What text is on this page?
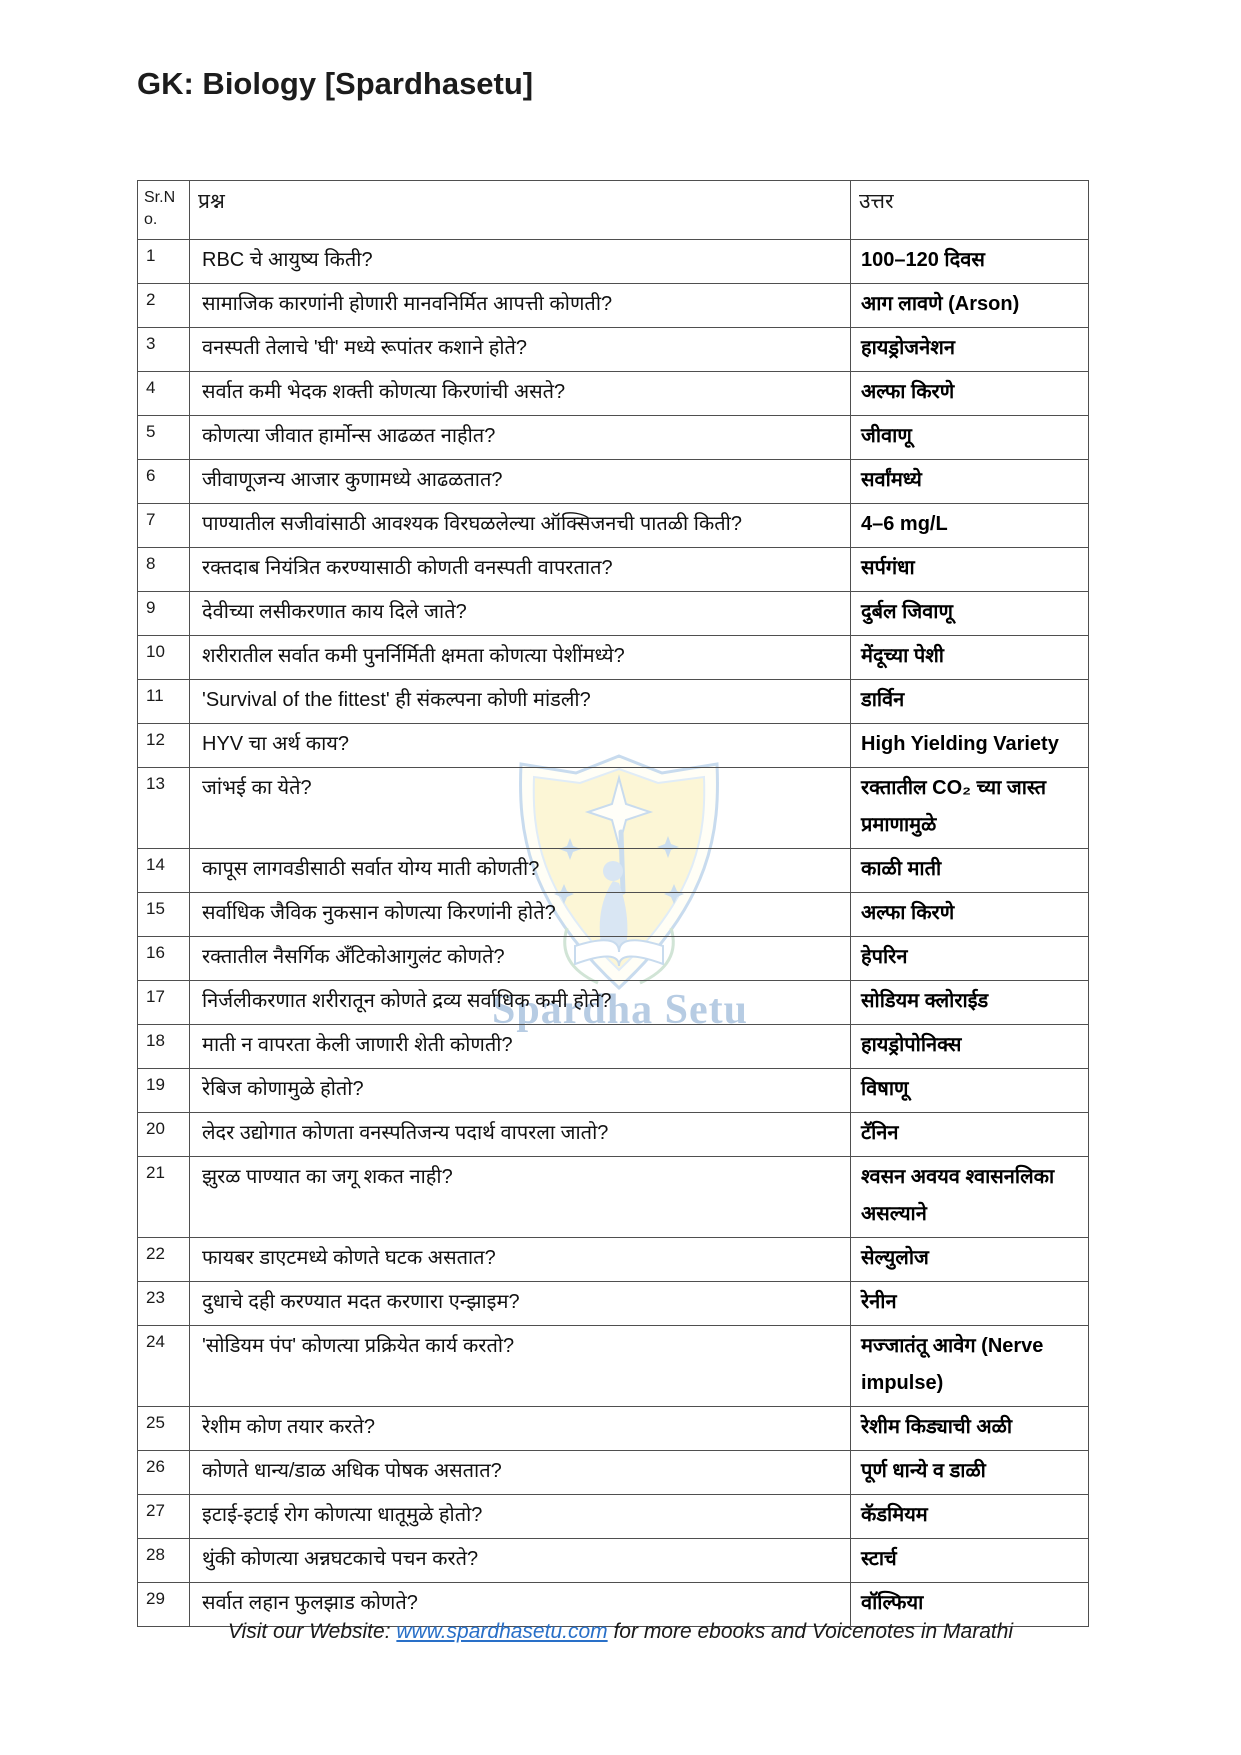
Spardha Setu
GK: Biology [Spardhasetu]
Sr.No.	प्रश्न	उत्तर
1	RBC चे आयुष्य किती?	100–120 दिवस
2	सामाजिक कारणांनी होणारी मानवनिर्मित आपत्ती कोणती?	आग लावणे (Arson)
3	वनस्पती तेलाचे 'घी' मध्ये रूपांतर कशाने होते?	हायड्रोजनेशन
4	सर्वात कमी भेदक शक्ती कोणत्या किरणांची असते?	अल्फा किरणे
5	कोणत्या जीवात हार्मोन्स आढळत नाहीत?	जीवाणू
6	जीवाणूजन्य आजार कुणामध्ये आढळतात?	सर्वांमध्ये
7	पाण्यातील सजीवांसाठी आवश्यक विरघळलेल्या ऑक्सिजनची पातळी किती?	4–6 mg/L
8	रक्तदाब नियंत्रित करण्यासाठी कोणती वनस्पती वापरतात?	सर्पगंधा
9	देवीच्या लसीकरणात काय दिले जाते?	दुर्बल जिवाणू
10	शरीरातील सर्वात कमी पुनर्निर्मिती क्षमता कोणत्या पेशींमध्ये?	मेंदूच्या पेशी
11	'Survival of the fittest' ही संकल्पना कोणी मांडली?	डार्विन
12	HYV चा अर्थ काय?	High Yielding Variety
13	जांभई का येते?	रक्तातील CO₂ च्या जास्त प्रमाणामुळे
14	कापूस लागवडीसाठी सर्वात योग्य माती कोणती?	काळी माती
15	सर्वाधिक जैविक नुकसान कोणत्या किरणांनी होते?	अल्फा किरणे
16	रक्तातील नैसर्गिक अँटिकोआगुलंट कोणते?	हेपरिन
17	निर्जलीकरणात शरीरातून कोणते द्रव्य सर्वाधिक कमी होते?	सोडियम क्लोराईड
18	माती न वापरता केली जाणारी शेती कोणती?	हायड्रोपोनिक्स
19	रेबिज कोणामुळे होतो?	विषाणू
20	लेदर उद्योगात कोणता वनस्पतिजन्य पदार्थ वापरला जातो?	टॅनिन
21	झुरळ पाण्यात का जगू शकत नाही?	श्वसन अवयव श्वासनलिका असल्याने
22	फायबर डाएटमध्ये कोणते घटक असतात?	सेल्युलोज
23	दुधाचे दही करण्यात मदत करणारा एन्झाइम?	रेनीन
24	'सोडियम पंप' कोणत्या प्रक्रियेत कार्य करतो?	मज्जातंतू आवेग (Nerve impulse)
25	रेशीम कोण तयार करते?	रेशीम किड्याची अळी
26	कोणते धान्य/डाळ अधिक पोषक असतात?	पूर्ण धान्ये व डाळी
27	इटाई-इटाई रोग कोणत्या धातूमुळे होतो?	कॅडमियम
28	थुंकी कोणत्या अन्नघटकाचे पचन करते?	स्टार्च
29	सर्वात लहान फुलझाड कोणते?	वॉल्फिया
Visit our Website: www.spardhasetu.com for more ebooks and Voicenotes in Marathi
